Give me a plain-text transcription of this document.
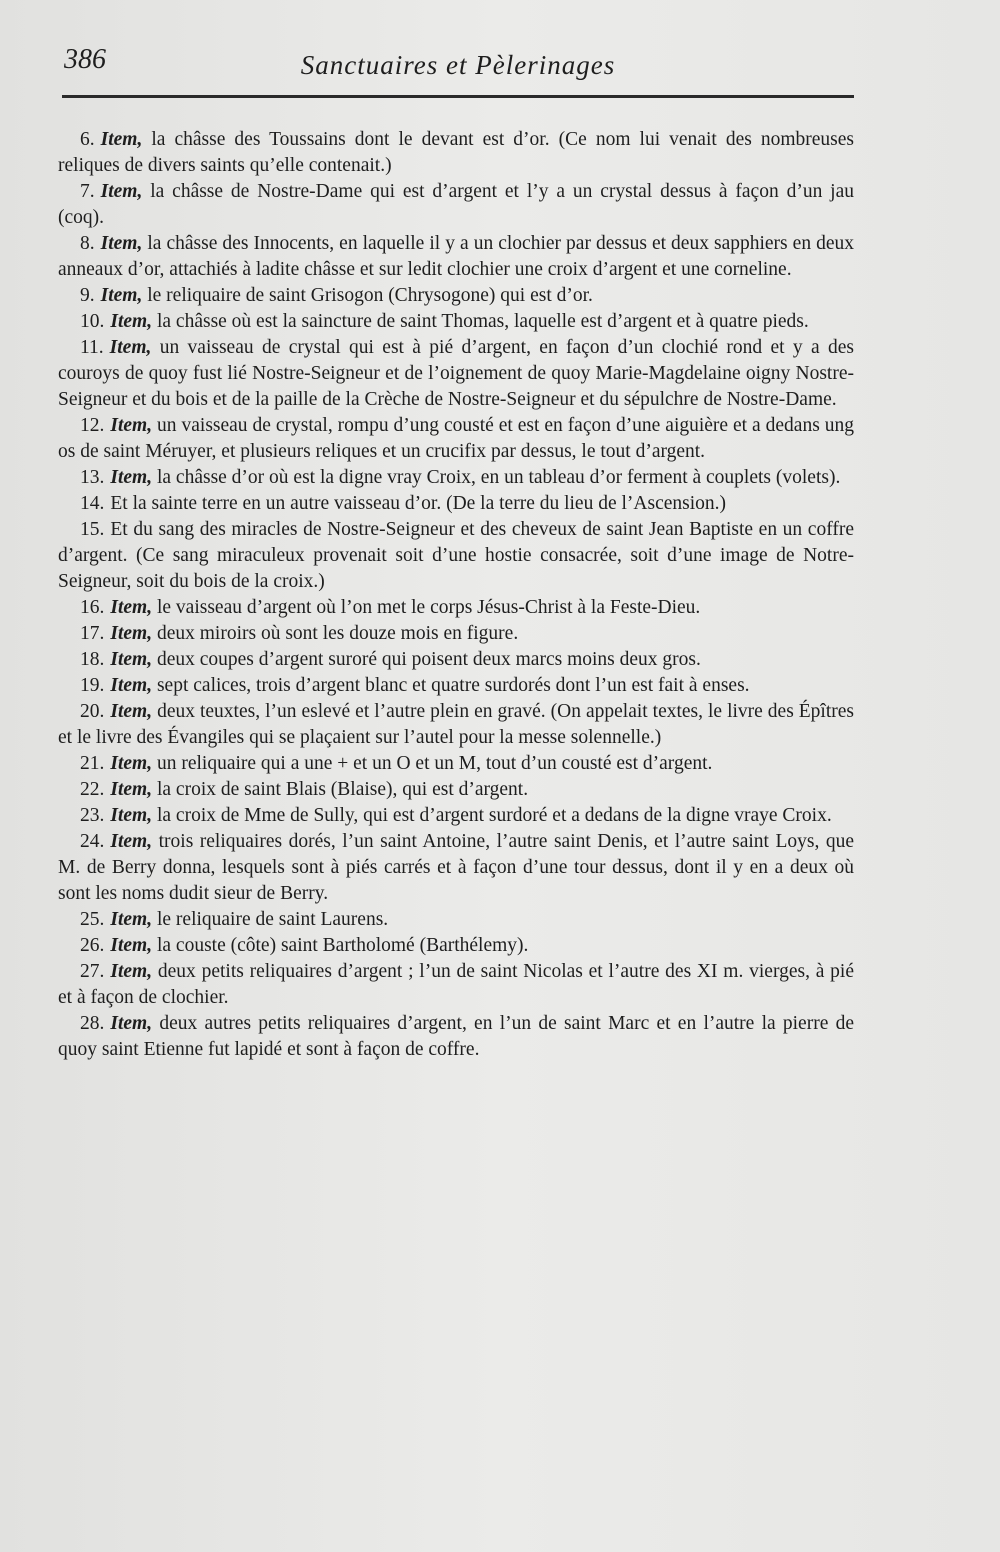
386	Sanctuaires et Pèlerinages

6. Item, la châsse des Toussains dont le devant est d’or. (Ce nom lui venait des nombreuses reliques de divers saints qu’elle contenait.)

7. Item, la châsse de Nostre-Dame qui est d’argent et l’y a un crystal dessus à façon d’un jau (coq).

8. Item, la châsse des Innocents, en laquelle il y a un clochier par dessus et deux sapphiers en deux anneaux d’or, attachiés à ladite châsse et sur ledit clochier une croix d’argent et une corneline.

9. Item, le reliquaire de saint Grisogon (Chrysogone) qui est d’or.

10. Item, la châsse où est la saincture de saint Thomas, laquelle est d’argent et à quatre pieds.

11. Item, un vaisseau de crystal qui est à pié d’argent, en façon d’un clochié rond et y a des couroys de quoy fust lié Nostre-Seigneur et de l’oignement de quoy Marie-Magdelaine oigny Nostre-Seigneur et du bois et de la paille de la Crèche de Nostre-Seigneur et du sépulchre de Nostre-Dame.

12. Item, un vaisseau de crystal, rompu d’ung cousté et est en façon d’une aiguière et a dedans ung os de saint Méruyer, et plusieurs reliques et un crucifix par dessus, le tout d’argent.

13. Item, la châsse d’or où est la digne vray Croix, en un tableau d’or ferment à couplets (volets).

14. Et la sainte terre en un autre vaisseau d’or. (De la terre du lieu de l’Ascension.)

15. Et du sang des miracles de Nostre-Seigneur et des cheveux de saint Jean Baptiste en un coffre d’argent. (Ce sang miraculeux provenait soit d’une hostie consacrée, soit d’une image de Notre-Seigneur, soit du bois de la croix.)

16. Item, le vaisseau d’argent où l’on met le corps Jésus-Christ à la Feste-Dieu.

17. Item, deux miroirs où sont les douze mois en figure.

18. Item, deux coupes d’argent suroré qui poisent deux marcs moins deux gros.

19. Item, sept calices, trois d’argent blanc et quatre surdorés dont l’un est fait à enses.

20. Item, deux teuxtes, l’un eslevé et l’autre plein en gravé. (On appelait textes, le livre des Épîtres et le livre des Évangiles qui se plaçaient sur l’autel pour la messe solennelle.)

21. Item, un reliquaire qui a une + et un O et un M, tout d’un cousté est d’argent.

22. Item, la croix de saint Blais (Blaise), qui est d’argent.

23. Item, la croix de Mme de Sully, qui est d’argent surdoré et a dedans de la digne vraye Croix.

24. Item, trois reliquaires dorés, l’un saint Antoine, l’autre saint Denis, et l’autre saint Loys, que M. de Berry donna, lesquels sont à piés carrés et à façon d’une tour dessus, dont il y en a deux où sont les noms dudit sieur de Berry.

25. Item, le reliquaire de saint Laurens.

26. Item, la couste (côte) saint Bartholomé (Barthélemy).

27. Item, deux petits reliquaires d’argent ; l’un de saint Nicolas et l’autre des XI m. vierges, à pié et à façon de clochier.

28. Item, deux autres petits reliquaires d’argent, en l’un de saint Marc et en l’autre la pierre de quoy saint Etienne fut lapidé et sont à façon de coffre.
